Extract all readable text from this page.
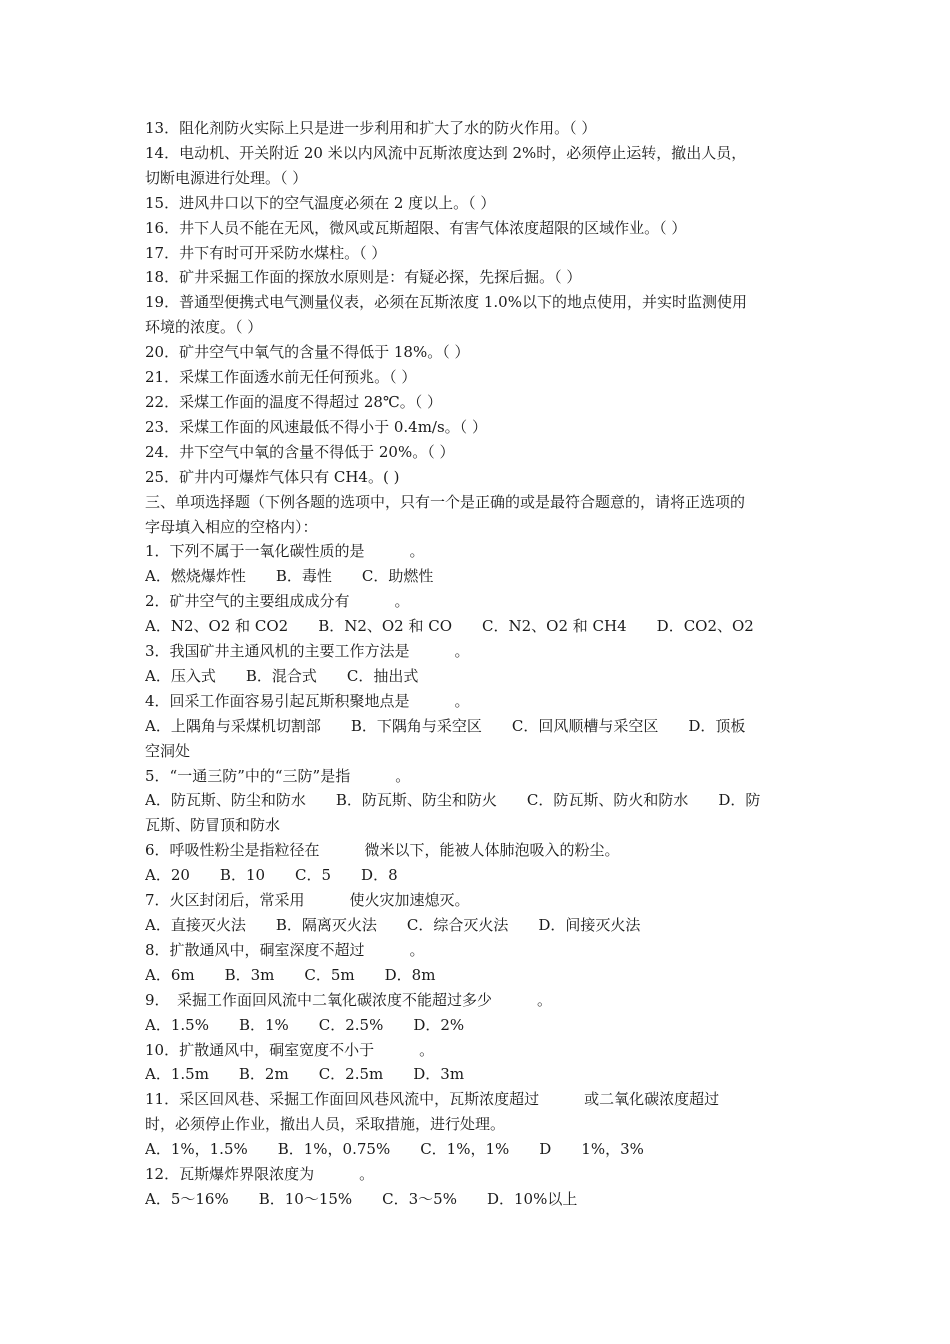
13．阻化剂防火实际上只是进一步利用和扩大了水的防火作用。（ ）
14．电动机、开关附近 20 米以内风流中瓦斯浓度达到 2%时，必须停止运转，撤出人员，
切断电源进行处理。（ ）
15．进风井口以下的空气温度必须在 2 度以上。（ ）
16．井下人员不能在无风，微风或瓦斯超限、有害气体浓度超限的区域作业。（ ）
17．井下有时可开采防水煤柱。（ ）
18．矿井采掘工作面的探放水原则是：有疑必探，先探后掘。（ ）
19．普通型便携式电气测量仪表，必须在瓦斯浓度 1.0%以下的地点使用，并实时监测使用
环境的浓度。（ ）
20．矿井空气中氧气的含量不得低于 18%。（ ）
21．采煤工作面透水前无任何预兆。（ ）
22．采煤工作面的温度不得超过 28℃。（ ）
23．采煤工作面的风速最低不得小于 0.4m/s。（ ）
24．井下空气中氧的含量不得低于 20%。（ ）
25．矿井内可爆炸气体只有 CH4。( )
三、单项选择题（下例各题的选项中，只有一个是正确的或是最符合题意的，请将正选项的
字母填入相应的空格内）：
1．下列不属于一氧化碳性质的是　　　。
A．燃烧爆炸性　　B．毒性　　C．助燃性
2．矿井空气的主要组成成分有　　　。
A．N2、O2 和 CO2　　B．N2、O2 和 CO　　C．N2、O2 和 CH4　　D．CO2、O2
3．我国矿井主通风机的主要工作方法是　　　。
A．压入式　　B．混合式　　C．抽出式
4．回采工作面容易引起瓦斯积聚地点是　　　。
A．上隅角与采煤机切割部　　B．下隅角与采空区　　C．回风顺槽与采空区　　D．顶板
空洞处
5．“一通三防”中的“三防”是指　　　。
A．防瓦斯、防尘和防水　　B．防瓦斯、防尘和防火　　C．防瓦斯、防火和防水　　D．防
瓦斯、防冒顶和防水
6．呼吸性粉尘是指粒径在　　　微米以下，能被人体肺泡吸入的粉尘。
A．20　　B．10　　C．5　　D．8
7．火区封闭后，常采用　　　使火灾加速熄灭。
A．直接灭火法　　B．隔离灭火法　　C．综合灭火法　　D．间接灭火法
8．扩散通风中，硐室深度不超过　　　。
A．6m　　B．3m　　C．5m　　D．8m
9．　采掘工作面回风流中二氧化碳浓度不能超过多少　　　。
A．1.5%　　B．1%　　C．2.5%　　D．2%
10．扩散通风中，硐室宽度不小于　　　。
A．1.5m　　B．2m　　C．2.5m　　D．3m
11．采区回风巷、采掘工作面回风巷风流中，瓦斯浓度超过　　　或二氧化碳浓度超过
时，必须停止作业，撤出人员，采取措施，进行处理。
A．1%，1.5%　　B．1%，0.75%　　C．1%，1%　　D　　1%，3%
12．瓦斯爆炸界限浓度为　　　。
A．5～16%　　B．10～15%　　C．3～5%　　D．10%以上
